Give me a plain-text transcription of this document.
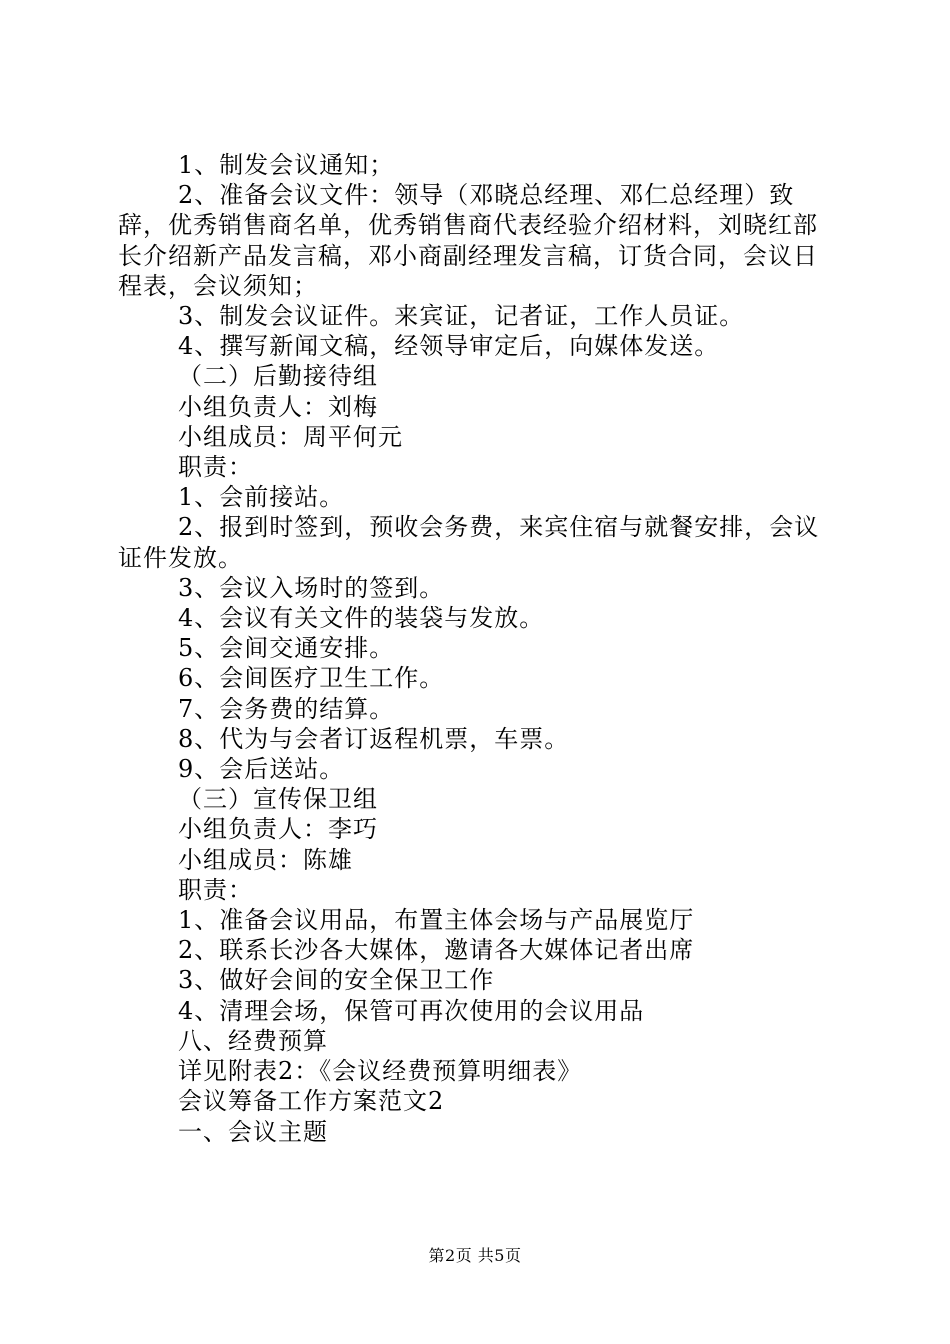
1、制发会议通知；

2、准备会议文件：领导（邓晓总经理、邓仁总经理）致辞，优秀销售商名单，优秀销售商代表经验介绍材料，刘晓红部长介绍新产品发言稿，邓小商副经理发言稿，订货合同，会议日程表，会议须知；

3、制发会议证件。来宾证，记者证，工作人员证。

4、撰写新闻文稿，经领导审定后，向媒体发送。

（二）后勤接待组

小组负责人：刘梅

小组成员：周平何元

职责：

1、会前接站。

2、报到时签到，预收会务费，来宾住宿与就餐安排，会议证件发放。

3、会议入场时的签到。

4、会议有关文件的装袋与发放。

5、会间交通安排。

6、会间医疗卫生工作。

7、会务费的结算。

8、代为与会者订返程机票，车票。

9、会后送站。

（三）宣传保卫组

小组负责人：李巧

小组成员：陈雄

职责：

1、准备会议用品，布置主体会场与产品展览厅

2、联系长沙各大媒体，邀请各大媒体记者出席

3、做好会间的安全保卫工作

4、清理会场，保管可再次使用的会议用品

八、经费预算

详见附表2：《会议经费预算明细表》

会议筹备工作方案范文2

一、会议主题

第2页 共5页
